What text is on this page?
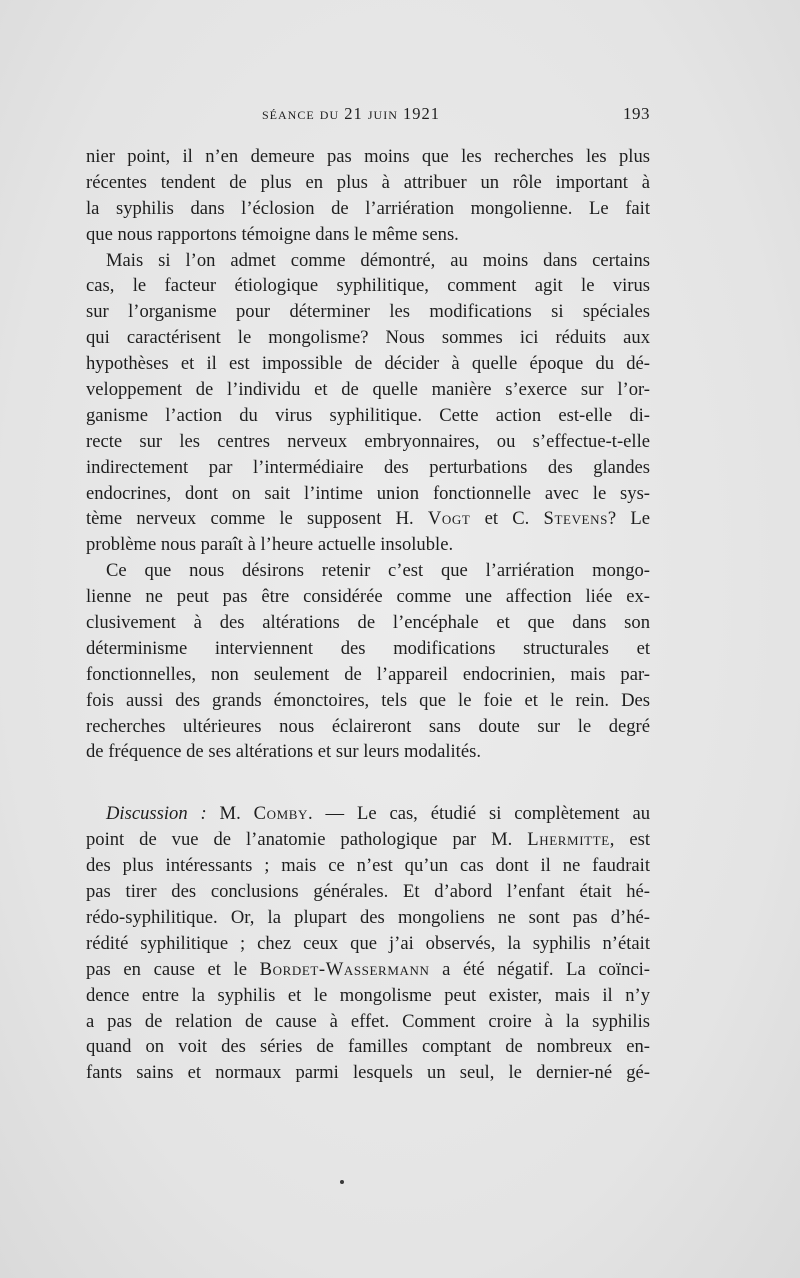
séance du 21 juin 1921	193
nier point, il n’en demeure pas moins que les recherches les plus
récentes tendent de plus en plus à attribuer un rôle important à
la syphilis dans l’éclosion de l’arriération mongolienne. Le fait
que nous rapportons témoigne dans le même sens.
Mais si l’on admet comme démontré, au moins dans certains
cas, le facteur étiologique syphilitique, comment agit le virus
sur l’organisme pour déterminer les modifications si spéciales
qui caractérisent le mongolisme? Nous sommes ici réduits aux
hypothèses et il est impossible de décider à quelle époque du dé-
veloppement de l’individu et de quelle manière s’exerce sur l’or-
ganisme l’action du virus syphilitique. Cette action est-elle di-
recte sur les centres nerveux embryonnaires, ou s’effectue-t-elle
indirectement par l’intermédiaire des perturbations des glandes
endocrines, dont on sait l’intime union fonctionnelle avec le sys-
tème nerveux comme le supposent H. Vogt et C. Stevens? Le
problème nous paraît à l’heure actuelle insoluble.
Ce que nous désirons retenir c’est que l’arriération mongo-
lienne ne peut pas être considérée comme une affection liée ex-
clusivement à des altérations de l’encéphale et que dans son
déterminisme interviennent des modifications structurales et
fonctionnelles, non seulement de l’appareil endocrinien, mais par-
fois aussi des grands émonctoires, tels que le foie et le rein. Des
recherches ultérieures nous éclaireront sans doute sur le degré
de fréquence de ses altérations et sur leurs modalités.
Discussion : M. Comby. — Le cas, étudié si complètement au
point de vue de l’anatomie pathologique par M. Lhermitte, est
des plus intéressants ; mais ce n’est qu’un cas dont il ne faudrait
pas tirer des conclusions générales. Et d’abord l’enfant était hé-
rédo-syphilitique. Or, la plupart des mongoliens ne sont pas d’hé-
rédité syphilitique ; chez ceux que j’ai observés, la syphilis n’était
pas en cause et le Bordet-Wassermann a été négatif. La coïnci-
dence entre la syphilis et le mongolisme peut exister, mais il n’y
a pas de relation de cause à effet. Comment croire à la syphilis
quand on voit des séries de familles comptant de nombreux en-
fants sains et normaux parmi lesquels un seul, le dernier-né gé-
